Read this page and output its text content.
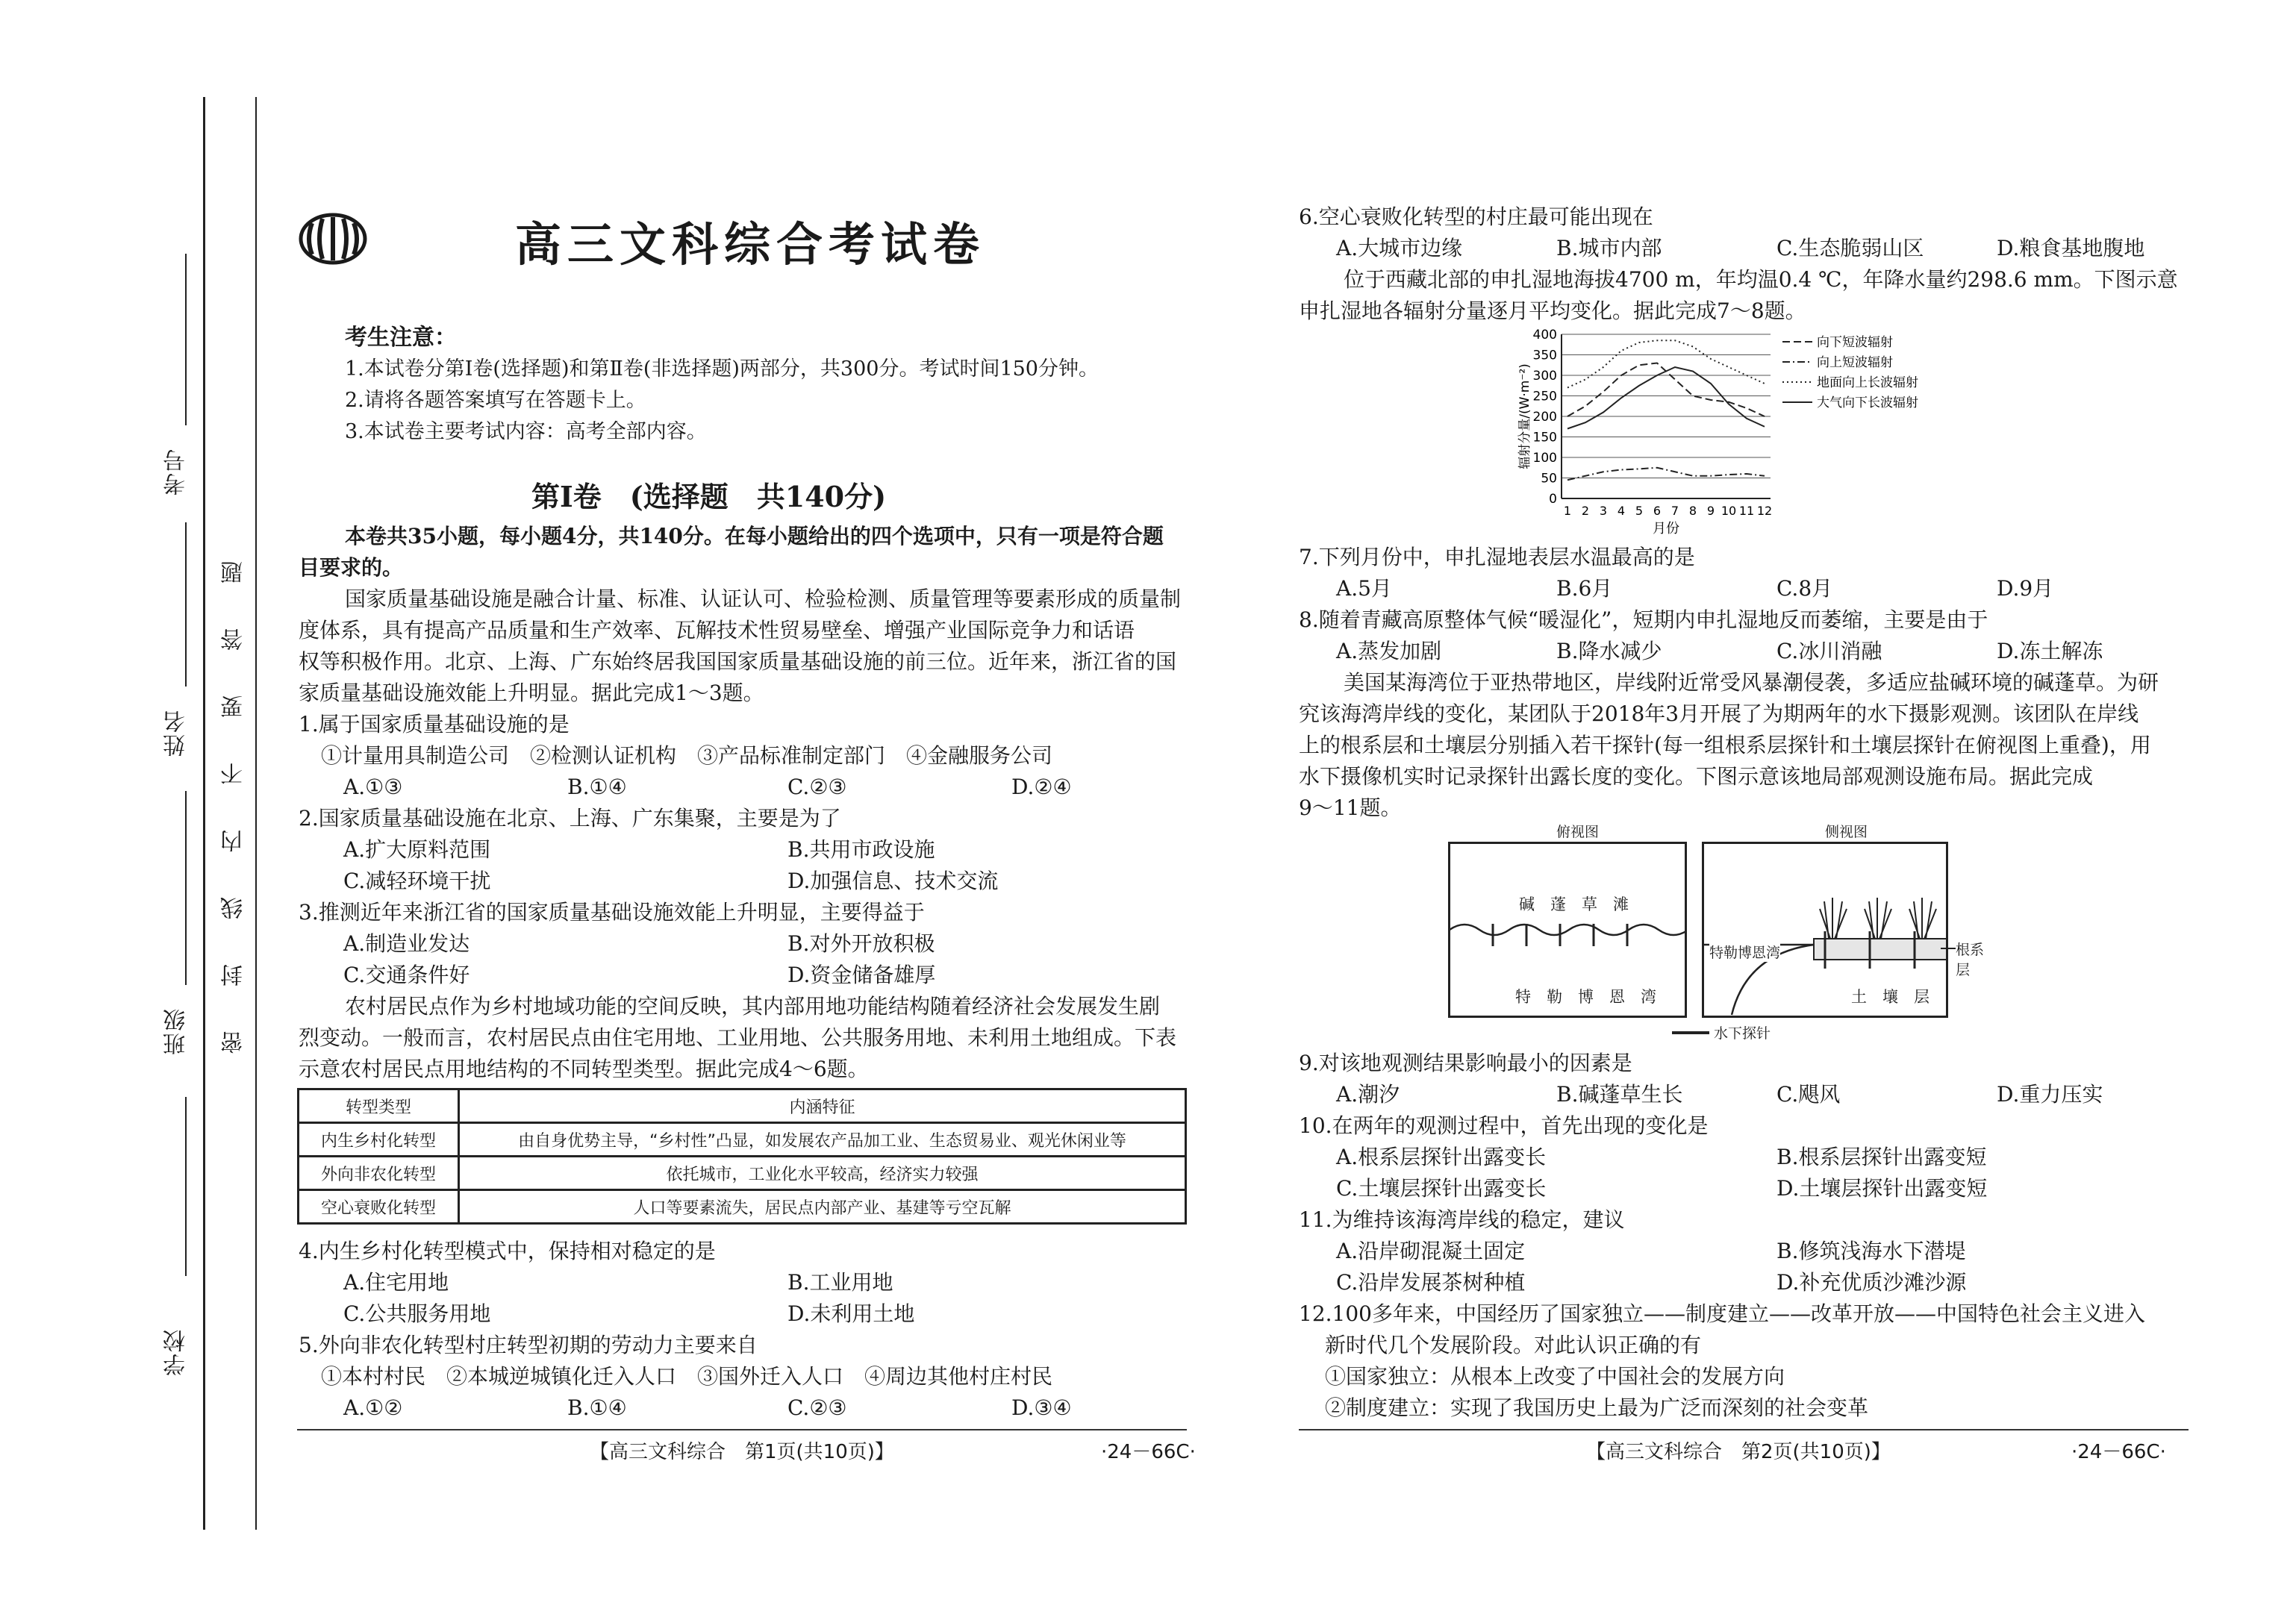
考号
姓名
班级
学校
密
封
线
内
不
要
答
题
高三文科综合考试卷
考生注意：
1.本试卷分第Ⅰ卷(选择题)和第Ⅱ卷(非选择题)两部分，共300分。考试时间150分钟。
2.请将各题答案填写在答题卡上。
3.本试卷主要考试内容：高考全部内容。
第Ⅰ卷　(选择题　共140分)
本卷共35小题，每小题4分，共140分。在每小题给出的四个选项中，只有一项是符合题
目要求的。
国家质量基础设施是融合计量、标准、认证认可、检验检测、质量管理等要素形成的质量制
度体系，具有提高产品质量和生产效率、瓦解技术性贸易壁垒、增强产业国际竞争力和话语
权等积极作用。北京、上海、广东始终居我国国家质量基础设施的前三位。近年来，浙江省的国
家质量基础设施效能上升明显。据此完成1～3题。
1.属于国家质量基础设施的是
①计量用具制造公司　②检测认证机构　③产品标准制定部门　④金融服务公司
A.①③	B.①④	C.②③	D.②④
2.国家质量基础设施在北京、上海、广东集聚，主要是为了
A.扩大原料范围	B.共用市政设施
C.减轻环境干扰	D.加强信息、技术交流
3.推测近年来浙江省的国家质量基础设施效能上升明显，主要得益于
A.制造业发达	B.对外开放积极
C.交通条件好	D.资金储备雄厚
农村居民点作为乡村地域功能的空间反映，其内部用地功能结构随着经济社会发展发生剧
烈变动。一般而言，农村居民点由住宅用地、工业用地、公共服务用地、未利用土地组成。下表
示意农村居民点用地结构的不同转型类型。据此完成4～6题。
转型类型	内涵特征
内生乡村化转型	由自身优势主导，“乡村性”凸显，如发展农产品加工业、生态贸易业、观光休闲业等
外向非农化转型	依托城市，工业化水平较高，经济实力较强
空心衰败化转型	人口等要素流失，居民点内部产业、基建等亏空瓦解
4.内生乡村化转型模式中，保持相对稳定的是
A.住宅用地	B.工业用地
C.公共服务用地	D.未利用土地
5.外向非农化转型村庄转型初期的劳动力主要来自
①本村村民　②本城逆城镇化迁入人口　③国外迁入人口　④周边其他村庄村民
A.①②	B.①④	C.②③	D.③④
【高三文科综合　第1页(共10页)】	·24－66C·
6.空心衰败化转型的村庄最可能出现在
A.大城市边缘	B.城市内部	C.生态脆弱山区	D.粮食基地腹地
位于西藏北部的申扎湿地海拔4700 m，年均温0.4 ℃，年降水量约298.6 mm。下图示意
申扎湿地各辐射分量逐月平均变化。据此完成7～8题。
0
50
100
150
200
250
300
350
400
1 2 3 4 5 6 7 8 9 10 11 12
月份
辐射分量/(W·m⁻²)
向下短波辐射
向上短波辐射
地面向上长波辐射
大气向下长波辐射
7.下列月份中，申扎湿地表层水温最高的是
A.5月	B.6月	C.8月	D.9月
8.随着青藏高原整体气候“暖湿化”，短期内申扎湿地反而萎缩，主要是由于
A.蒸发加剧	B.降水减少	C.冰川消融	D.冻土解冻
美国某海湾位于亚热带地区，岸线附近常受风暴潮侵袭，多适应盐碱环境的碱蓬草。为研
究该海湾岸线的变化，某团队于2018年3月开展了为期两年的水下摄影观测。该团队在岸线
上的根系层和土壤层分别插入若干探针(每一组根系层探针和土壤层探针在俯视图上重叠)，用
水下摄像机实时记录探针出露长度的变化。下图示意该地局部观测设施布局。据此完成
9～11题。
俯视图	侧视图
碱　蓬　草　滩
特　勒　博　恩　湾
特勒博恩湾
土　壤　层
根系层
水下探针
9.对该地观测结果影响最小的因素是
A.潮汐	B.碱蓬草生长	C.飓风	D.重力压实
10.在两年的观测过程中，首先出现的变化是
A.根系层探针出露变长	B.根系层探针出露变短
C.土壤层探针出露变长	D.土壤层探针出露变短
11.为维持该海湾岸线的稳定，建议
A.沿岸砌混凝土固定	B.修筑浅海水下潜堤
C.沿岸发展茶树种植	D.补充优质沙滩沙源
12.100多年来，中国经历了国家独立——制度建立——改革开放——中国特色社会主义进入
新时代几个发展阶段。对此认识正确的有
①国家独立：从根本上改变了中国社会的发展方向
②制度建立：实现了我国历史上最为广泛而深刻的社会变革
【高三文科综合　第2页(共10页)】	·24－66C·
